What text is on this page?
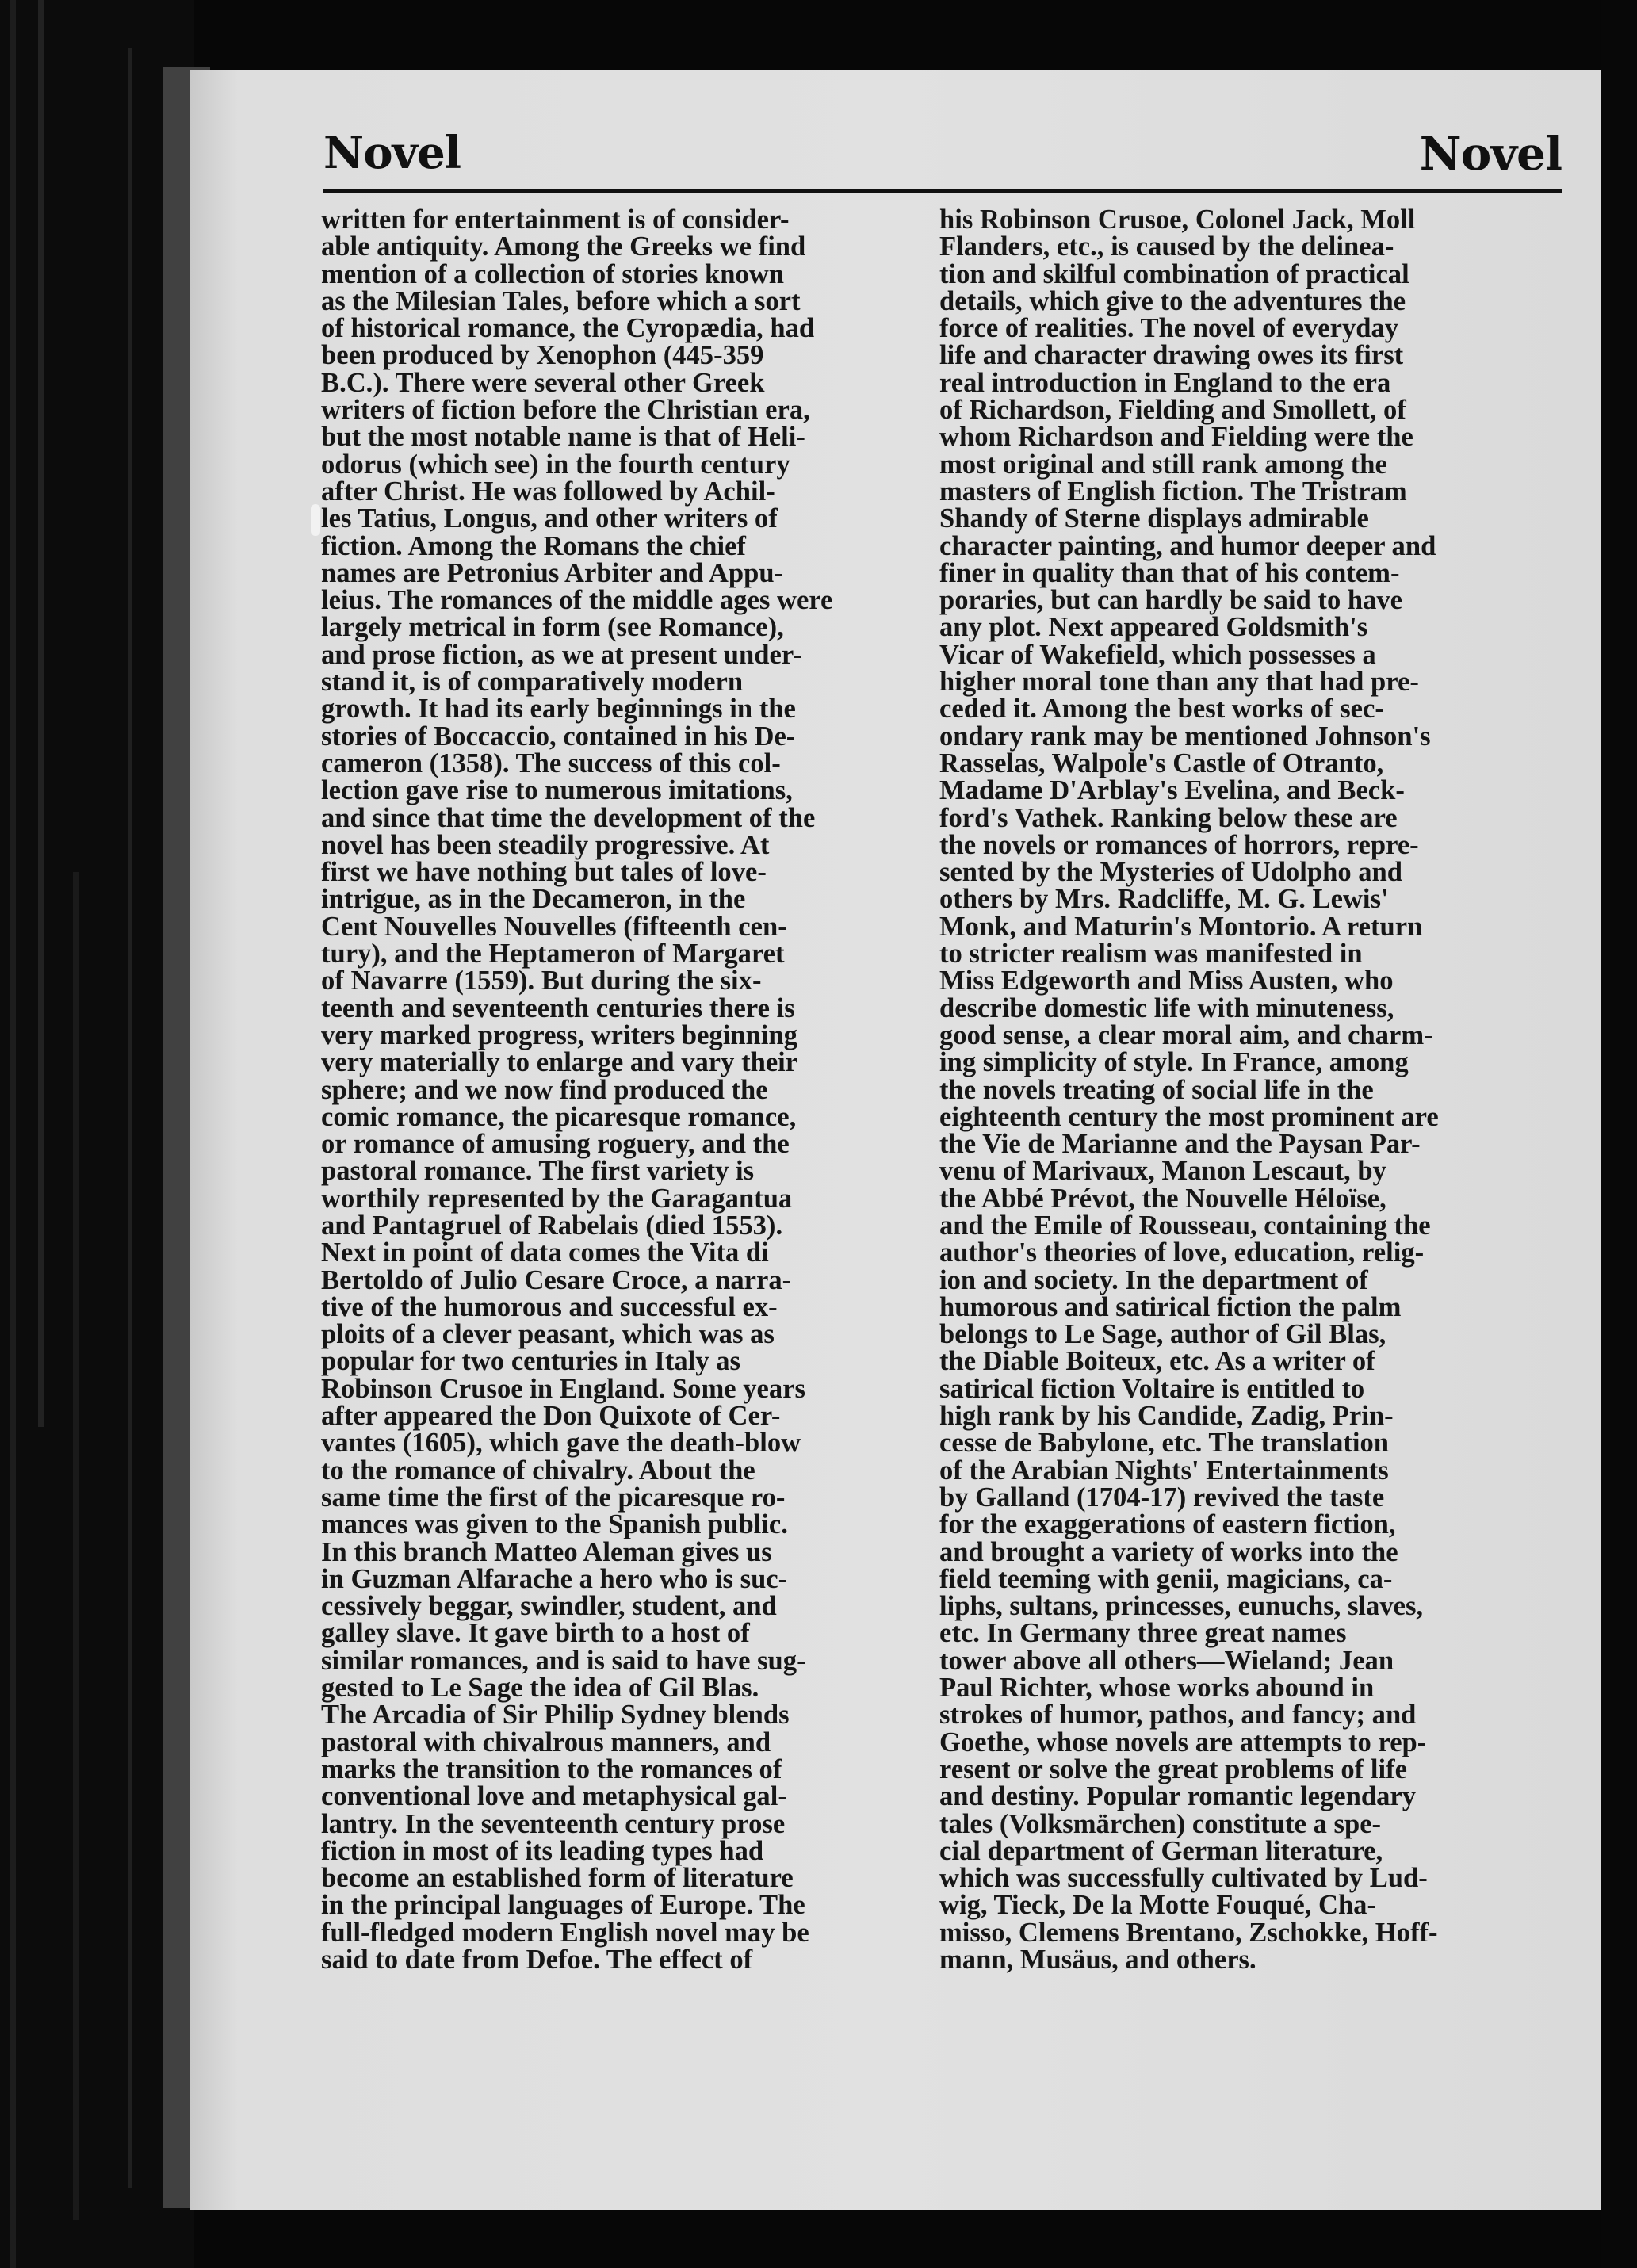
Novel	Novel

written for entertainment is of consider-

able antiquity. Among the Greeks we find

mention of a collection of stories known

as the Milesian Tales, before which a sort

of historical romance, the Cyropædia, had

been produced by Xenophon (445-359

B.C.). There were several other Greek

writers of fiction before the Christian era,

but the most notable name is that of Heli-

odorus (which see) in the fourth century

after Christ. He was followed by Achil-

les Tatius, Longus, and other writers of

fiction. Among the Romans the chief

names are Petronius Arbiter and Appu-

leius. The romances of the middle ages were

largely metrical in form (see Romance),

and prose fiction, as we at present under-

stand it, is of comparatively modern

growth. It had its early beginnings in the

stories of Boccaccio, contained in his De-

cameron (1358). The success of this col-

lection gave rise to numerous imitations,

and since that time the development of the

novel has been steadily progressive. At

first we have nothing but tales of love-

intrigue, as in the Decameron, in the

Cent Nouvelles Nouvelles (fifteenth cen-

tury), and the Heptameron of Margaret

of Navarre (1559). But during the six-

teenth and seventeenth centuries there is

very marked progress, writers beginning

very materially to enlarge and vary their

sphere; and we now find produced the

comic romance, the picaresque romance,

or romance of amusing roguery, and the

pastoral romance. The first variety is

worthily represented by the Garagantua

and Pantagruel of Rabelais (died 1553).

Next in point of data comes the Vita di

Bertoldo of Julio Cesare Croce, a narra-

tive of the humorous and successful ex-

ploits of a clever peasant, which was as

popular for two centuries in Italy as

Robinson Crusoe in England. Some years

after appeared the Don Quixote of Cer-

vantes (1605), which gave the death-blow

to the romance of chivalry. About the

same time the first of the picaresque ro-

mances was given to the Spanish public.

In this branch Matteo Aleman gives us

in Guzman Alfarache a hero who is suc-

cessively beggar, swindler, student, and

galley slave. It gave birth to a host of

similar romances, and is said to have sug-

gested to Le Sage the idea of Gil Blas.

The Arcadia of Sir Philip Sydney blends

pastoral with chivalrous manners, and

marks the transition to the romances of

conventional love and metaphysical gal-

lantry. In the seventeenth century prose

fiction in most of its leading types had

become an established form of literature

in the principal languages of Europe. The

full-fledged modern English novel may be

said to date from Defoe. The effect of

his Robinson Crusoe, Colonel Jack, Moll

Flanders, etc., is caused by the delinea-

tion and skilful combination of practical

details, which give to the adventures the

force of realities. The novel of everyday

life and character drawing owes its first

real introduction in England to the era

of Richardson, Fielding and Smollett, of

whom Richardson and Fielding were the

most original and still rank among the

masters of English fiction. The Tristram

Shandy of Sterne displays admirable

character painting, and humor deeper and

finer in quality than that of his contem-

poraries, but can hardly be said to have

any plot. Next appeared Goldsmith's

Vicar of Wakefield, which possesses a

higher moral tone than any that had pre-

ceded it. Among the best works of sec-

ondary rank may be mentioned Johnson's

Rasselas, Walpole's Castle of Otranto,

Madame D'Arblay's Evelina, and Beck-

ford's Vathek. Ranking below these are

the novels or romances of horrors, repre-

sented by the Mysteries of Udolpho and

others by Mrs. Radcliffe, M. G. Lewis'

Monk, and Maturin's Montorio. A return

to stricter realism was manifested in

Miss Edgeworth and Miss Austen, who

describe domestic life with minuteness,

good sense, a clear moral aim, and charm-

ing simplicity of style. In France, among

the novels treating of social life in the

eighteenth century the most prominent are

the Vie de Marianne and the Paysan Par-

venu of Marivaux, Manon Lescaut, by

the Abbé Prévot, the Nouvelle Héloïse,

and the Emile of Rousseau, containing the

author's theories of love, education, relig-

ion and society. In the department of

humorous and satirical fiction the palm

belongs to Le Sage, author of Gil Blas,

the Diable Boiteux, etc. As a writer of

satirical fiction Voltaire is entitled to

high rank by his Candide, Zadig, Prin-

cesse de Babylone, etc. The translation

of the Arabian Nights' Entertainments

by Galland (1704-17) revived the taste

for the exaggerations of eastern fiction,

and brought a variety of works into the

field teeming with genii, magicians, ca-

liphs, sultans, princesses, eunuchs, slaves,

etc. In Germany three great names

tower above all others—Wieland; Jean

Paul Richter, whose works abound in

strokes of humor, pathos, and fancy; and

Goethe, whose novels are attempts to rep-

resent or solve the great problems of life

and destiny. Popular romantic legendary

tales (Volksmärchen) constitute a spe-

cial department of German literature,

which was successfully cultivated by Lud-

wig, Tieck, De la Motte Fouqué, Cha-

misso, Clemens Brentano, Zschokke, Hoff-

mann, Musäus, and others.
